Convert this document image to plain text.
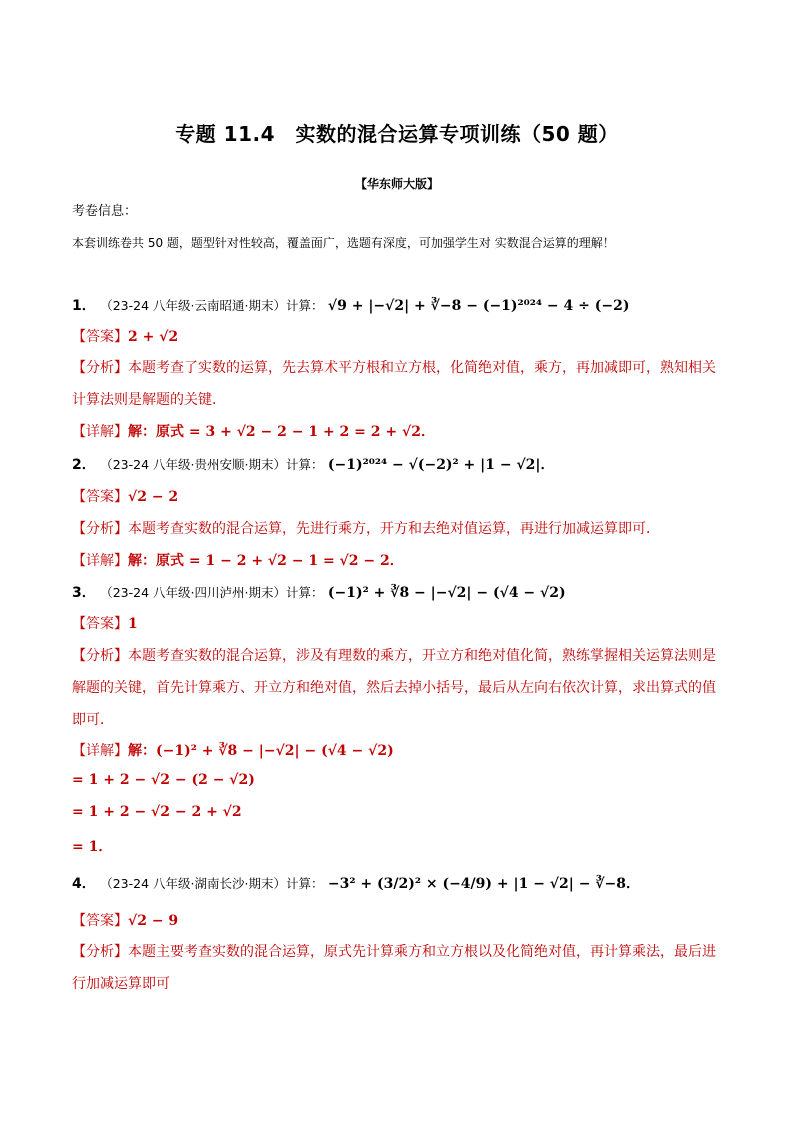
专题 11.4　实数的混合运算专项训练（50 题）
【华东师大版】
考卷信息：
本套训练卷共 50 题，题型针对性较高，覆盖面广，选题有深度，可加强学生对 实数混合运算的理解！
1． （23-24 八年级·云南昭通·期末）计算： √9 + |−√2| + ∛−8 − (−1)²⁰²⁴ − 4 ÷ (−2)
【答案】2 + √2
【分析】本题考查了实数的运算，先去算术平方根和立方根，化简绝对值，乘方，再加减即可，熟知相关计算法则是解题的关键．
【详解】解：原式 = 3 + √2 − 2 − 1 + 2 = 2 + √2．
2． （23-24 八年级·贵州安顺·期末）计算： (−1)²⁰²⁴ − √(−2)² + |1 − √2|．
【答案】√2 − 2
【分析】本题考查实数的混合运算，先进行乘方，开方和去绝对值运算，再进行加减运算即可．
【详解】解：原式 = 1 − 2 + √2 − 1 = √2 − 2．
3． （23-24 八年级·四川泸州·期末）计算： (−1)² + ∛8 − |−√2| − (√4 − √2)
【答案】1
【分析】本题考查实数的混合运算，涉及有理数的乘方，开立方和绝对值化简，熟练掌握相关运算法则是解题的关键，首先计算乘方、开立方和绝对值，然后去掉小括号，最后从左向右依次计算，求出算式的值即可．
【详解】解：(−1)² + ∛8 − |−√2| − (√4 − √2)
= 1 + 2 − √2 − (2 − √2)
= 1 + 2 − √2 − 2 + √2
= 1．
4． （23-24 八年级·湖南长沙·期末）计算： −3² + (3/2)² × (−4/9) + |1 − √2| − ∛−8．
【答案】√2 − 9
【分析】本题主要考查实数的混合运算，原式先计算乘方和立方根以及化简绝对值，再计算乘法，最后进行加减运算即可
